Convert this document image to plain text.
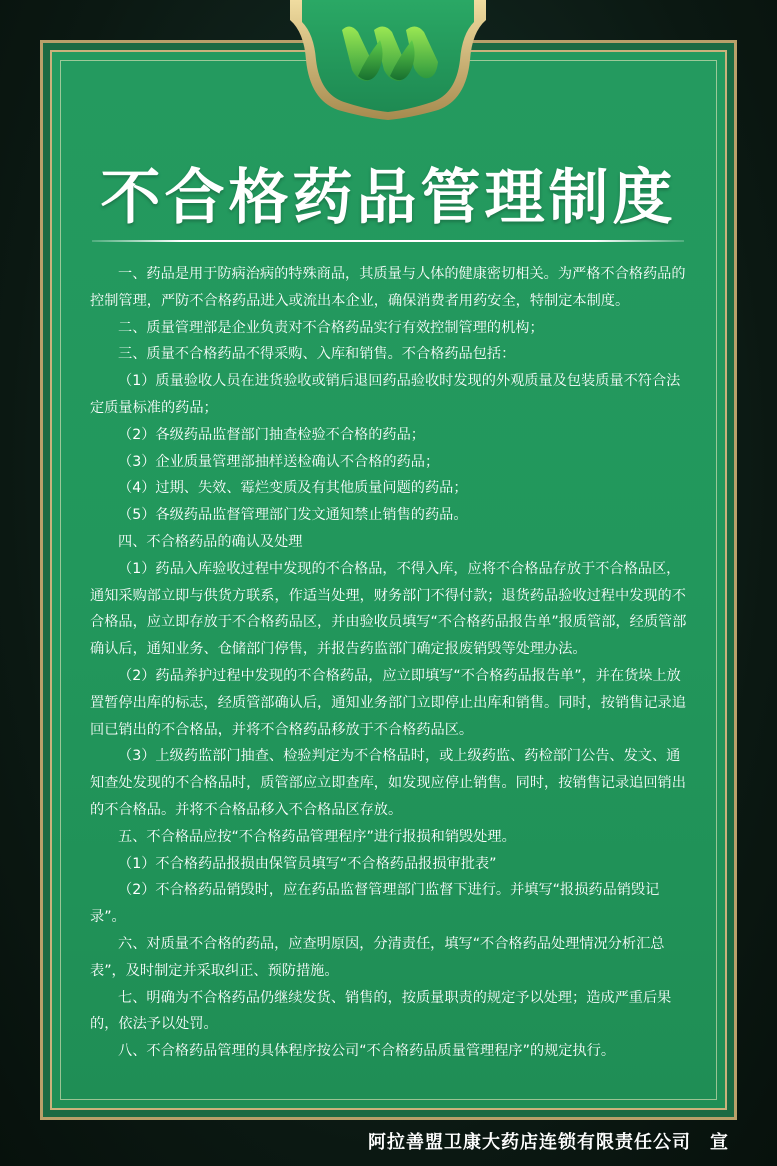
不合格药品管理制度

一、药品是用于防病治病的特殊商品，其质量与人体的健康密切相关。为严格不合格药品的控制管理，严防不合格药品进入或流出本企业，确保消费者用药安全，特制定本制度。

二、质量管理部是企业负责对不合格药品实行有效控制管理的机构；

三、质量不合格药品不得采购、入库和销售。不合格药品包括：

（1）质量验收人员在进货验收或销后退回药品验收时发现的外观质量及包装质量不符合法定质量标准的药品；

（2）各级药品监督部门抽查检验不合格的药品；

（3）企业质量管理部抽样送检确认不合格的药品；

（4）过期、失效、霉烂变质及有其他质量问题的药品；

（5）各级药品监督管理部门发文通知禁止销售的药品。

四、不合格药品的确认及处理

（1）药品入库验收过程中发现的不合格品，不得入库，应将不合格品存放于不合格品区，通知采购部立即与供货方联系，作适当处理，财务部门不得付款；退货药品验收过程中发现的不合格品，应立即存放于不合格药品区，并由验收员填写“不合格药品报告单”报质管部，经质管部确认后，通知业务、仓储部门停售，并报告药监部门确定报废销毁等处理办法。

（2）药品养护过程中发现的不合格药品，应立即填写“不合格药品报告单”，并在货垛上放置暂停出库的标志，经质管部确认后，通知业务部门立即停止出库和销售。同时，按销售记录追回已销出的不合格品，并将不合格药品移放于不合格药品区。

（3）上级药监部门抽查、检验判定为不合格品时，或上级药监、药检部门公告、发文、通知查处发现的不合格品时，质管部应立即查库，如发现应停止销售。同时，按销售记录追回销出的不合格品。并将不合格品移入不合格品区存放。

五、不合格品应按“不合格药品管理程序”进行报损和销毁处理。

（1）不合格药品报损由保管员填写“不合格药品报损审批表”

（2）不合格药品销毁时，应在药品监督管理部门监督下进行。并填写“报损药品销毁记录”。

六、对质量不合格的药品，应查明原因，分清责任，填写“不合格药品处理情况分析汇总表”，及时制定并采取纠正、预防措施。

七、明确为不合格药品仍继续发货、销售的，按质量职责的规定予以处理；造成严重后果的，依法予以处罚。

八、不合格药品管理的具体程序按公司“不合格药品质量管理程序”的规定执行。

阿拉善盟卫康大药店连锁有限责任公司　宣
